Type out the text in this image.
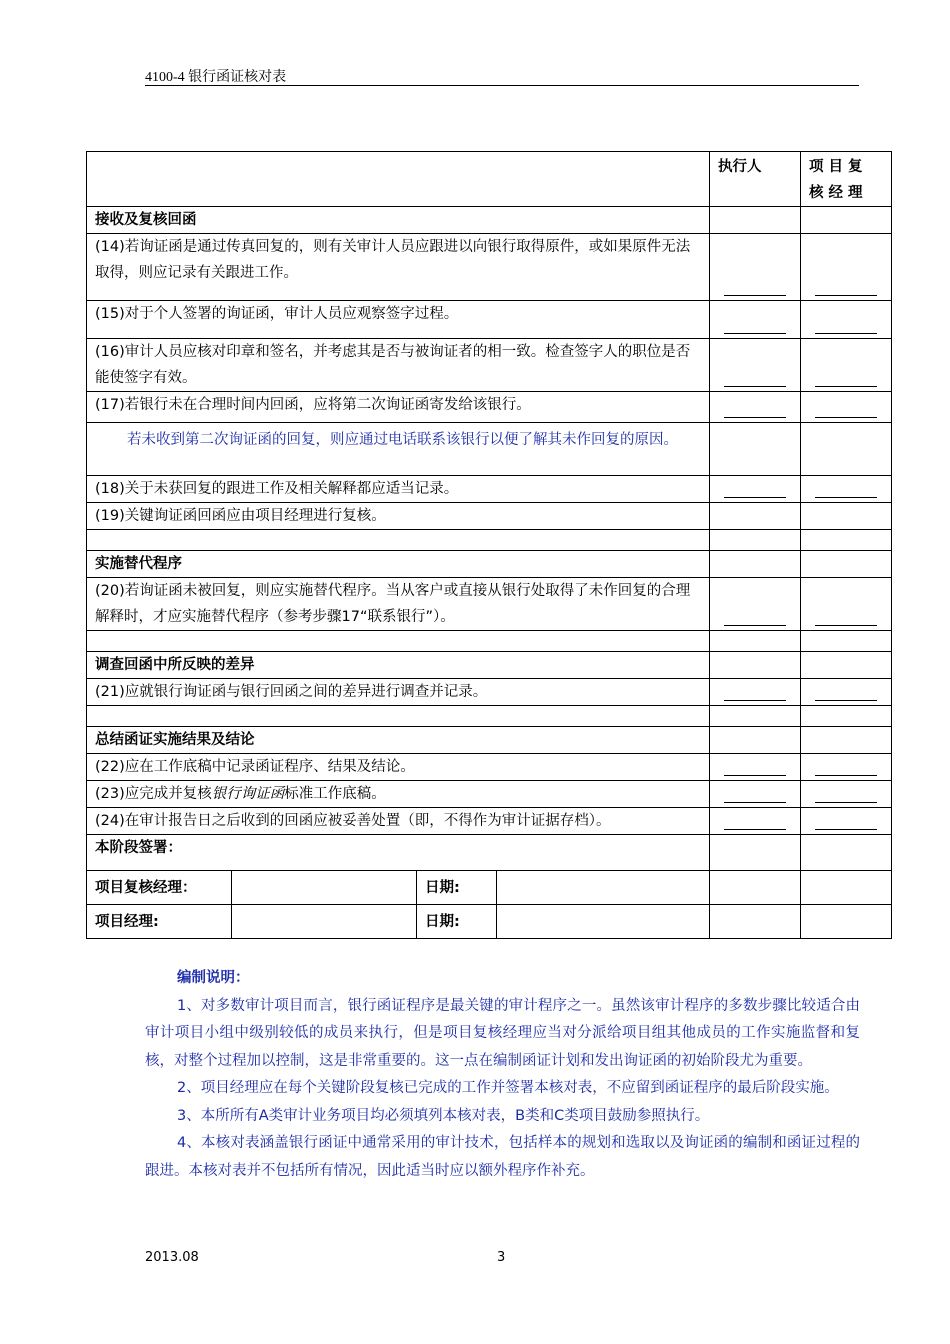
4100-4 银行函证核对表
				执行人	项目复核经理
接收及复核回函					
(14)若询证函是通过传真回复的，则有关审计人员应跟进以向银行取得原件，或如果原件无法取得，则应记录有关跟进工作。				

(15)对于个人签署的询证函，审计人员应观察签字过程。				

(16)审计人员应核对印章和签名，并考虑其是否与被询证者的相一致。检查签字人的职位是否能使签字有效。				

(17)若银行未在合理时间内回函，应将第二次询证函寄发给该银行。				

若未收到第二次询证函的回复，则应通过电话联系该银行以便了解其未作回复的原因。					
(18)关于未获回复的跟进工作及相关解释都应适当记录。				

(19)关键询证函回函应由项目经理进行复核。					

实施替代程序					
(20)若询证函未被回复，则应实施替代程序。当从客户或直接从银行处取得了未作回复的合理解释时，才应实施替代程序（参考步骤17“联系银行”）。				

调查回函中所反映的差异					
(21)应就银行询证函与银行回函之间的差异进行调查并记录。				

总结函证实施结果及结论					
(22)应在工作底稿中记录函证程序、结果及结论。				

(23)应完成并复核银行询证函标准工作底稿。				

(24)在审计报告日之后收到的回函应被妥善处置（即，不得作为审计证据存档）。				

本阶段签署：					
项目复核经理：		日期:			
项目经理:		日期:			
编制说明：

1、对多数审计项目而言，银行函证程序是最关键的审计程序之一。虽然该审计程序的多数步骤比较适合由审计项目小组中级别较低的成员来执行，但是项目复核经理应当对分派给项目组其他成员的工作实施监督和复核，对整个过程加以控制，这是非常重要的。这一点在编制函证计划和发出询证函的初始阶段尤为重要。

2、项目经理应在每个关键阶段复核已完成的工作并签署本核对表，不应留到函证程序的最后阶段实施。

3、本所所有A类审计业务项目均必须填列本核对表，B类和C类项目鼓励参照执行。

4、本核对表涵盖银行函证中通常采用的审计技术，包括样本的规划和选取以及询证函的编制和函证过程的跟进。本核对表并不包括所有情况，因此适当时应以额外程序作补充。

2013.08	3
